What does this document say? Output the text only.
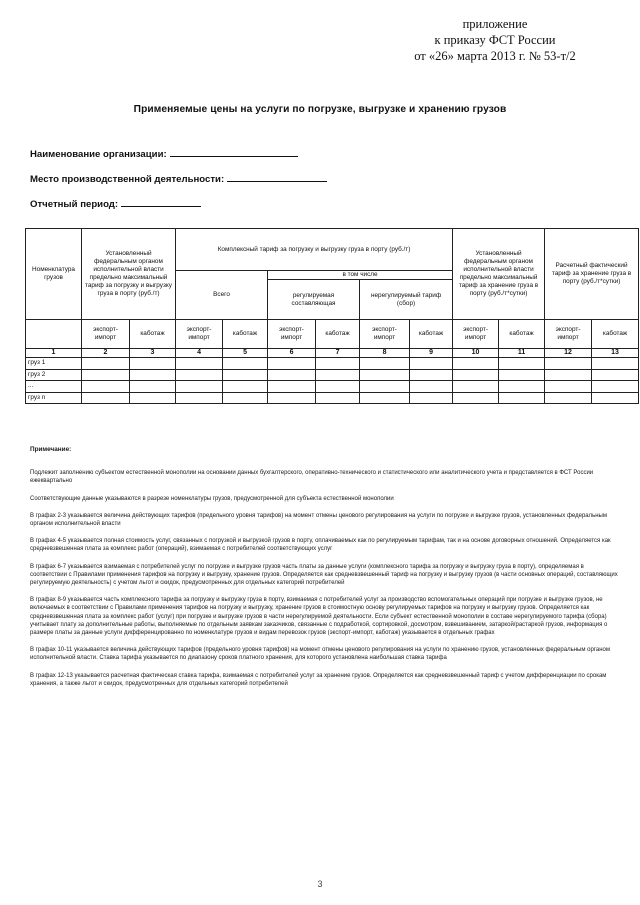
приложение
к приказу ФСТ России
от «26» марта 2013 г. № 53-т/2
Применяемые цены на услуги по погрузке, выгрузке и хранению грузов
Наименование организации:
Место производственной деятельности:
Отчетный период:
Номенклатура грузов	Установленный федеральным органом исполнительной власти предельно максимальный тариф за погрузку и выгрузку груза в порту (руб./т)		Комплексный тариф за погрузку и выгрузку груза в порту (руб./т)						Установленный федеральным органом исполнительной власти предельно максимальный тариф за хранение груза в порту (руб./т*сутки)		Расчетный фактический тариф за хранение груза в порту (руб./т*сутки)	
			Всего		в том числе							
					регулируемая составляющая		нерегулируемый тариф (сбор)					
	экспорт-импорт	каботаж	экспорт-импорт	каботаж	экспорт-импорт	каботаж	экспорт-импорт	каботаж	экспорт-импорт	каботаж	экспорт-импорт	каботаж
1	2	3	4	5	6	7	8	9	10	11	12	13
груз 1												
груз 2												
...												
груз n												
Примечание:

Подлежит заполнению субъектом естественной монополии на основании данных бухгалтерского, оперативно-технического и статистического или аналитического учета и представляется в ФСТ России ежеквартально

Соответствующие данные указываются в разрезе номенклатуры грузов, предусмотренной для субъекта естественной монополии

В графах 2-3 указывается величина действующих тарифов (предельного уровня тарифов) на момент отмены ценового регулирования на услуги по погрузке и выгрузке грузов, установленных федеральным органом исполнительной власти

В графах 4-5 указывается полная стоимость услуг, связанных с погрузкой и выгрузкой грузов в порту, оплачиваемых как по регулируемым тарифам, так и на основе договорных отношений. Определяется как средневзвешенная плата за комплекс работ (операций), взимаемая с потребителей соответствующих услуг

В графах 6-7 указывается взимаемая с потребителей услуг по погрузке и выгрузке грузов часть платы за данные услуги (комплексного тарифа за погрузку и выгрузку груза в порту), определяемая в соответствии с Правилами применения тарифов на погрузку и выгрузку, хранение грузов. Определяется как средневзвешенный тариф на погрузку и выгрузку грузов (в части основных операций, составляющих регулируемую деятельность) с учетом льгот и скидок, предусмотренных для отдельных категорий потребителей

В графах 8-9 указывается часть комплексного тарифа за погрузку и выгрузку груза в порту, взимаемая с потребителей услуг за производство вспомогательных операций при погрузке и выгрузке грузов, не включаемых в соответствии с Правилами применения тарифов на погрузку и выгрузку, хранение грузов в стоимостную основу регулируемых тарифов на погрузку и выгрузку грузов. Определяется как средневзвешенная плата за комплекс работ (услуг) при погрузке и выгрузке грузов в части нерегулируемой деятельности. Если субъект естественной монополии в составе нерегулируемого тарифа (сбора) учитывает плату за дополнительные работы, выполняемые по отдельным заявкам заказчиков, связанные с подработкой, сортировкой, досмотром, взвешиванием, затаркой/растаркой грузов, информация о размере платы за данные услуги дифференцированно по номенклатуре грузов и видам перевозок грузов (экспорт-импорт, каботаж) указывается в отдельных графах

В графах 10-11 указывается величина действующих тарифов (предельного уровня тарифов) на момент отмены ценового регулирования на услуги по хранению грузов, установленных федеральным органом исполнительной власти. Ставка тарифа указывается по диапазону сроков платного хранения, для которого установлена наибольшая ставка тарифа

В графах 12-13 указывается расчетная фактическая ставка тарифа, взимаемая с потребителей услуг за хранение грузов. Определяется как средневзвешенный тариф с учетом дифференциации по срокам хранения, а также льгот и скидок, предусмотренных для отдельных категорий потребителей

3
